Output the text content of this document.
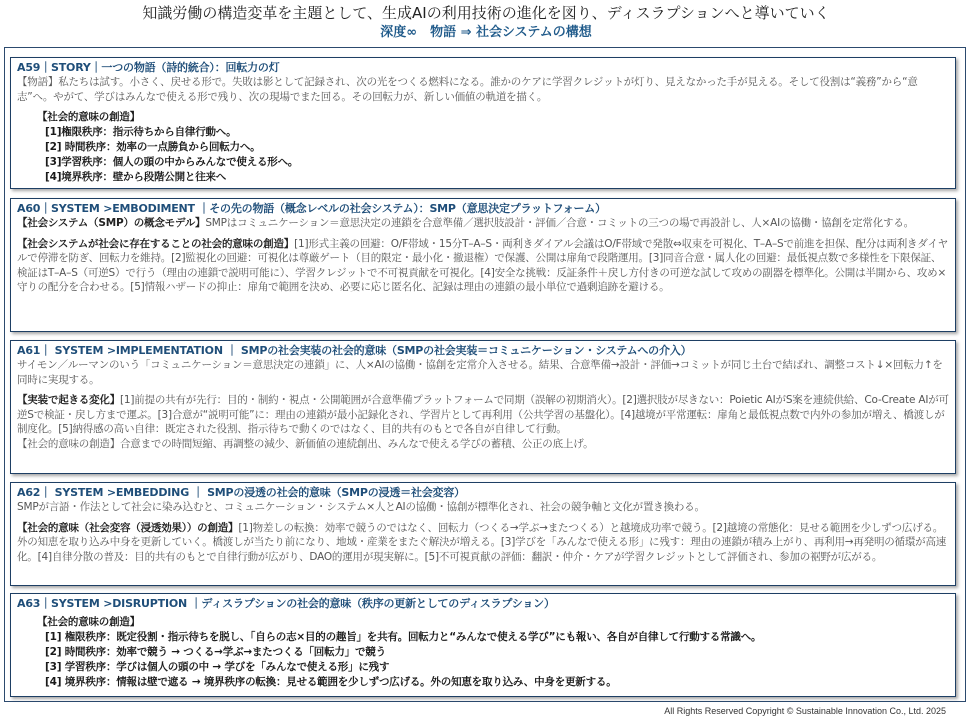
知識労働の構造変革を主題として、生成AIの利用技術の進化を図り、ディスラプションへと導いていく
深度∞　物語 ⇒ 社会システムの構想
A59｜STORY｜一つの物語（詩的統合）：回転力の灯
【物語】私たちは試す。小さく、戻せる形で。失敗は影として記録され、次の光をつくる燃料になる。誰かのケアに学習クレジットが灯り、見えなかった手が見える。そして役割は“義務”から“意志”へ。やがて、学びはみんなで使える形で残り、次の現場でまた回る。その回転力が、新しい価値の軌道を描く。
【社会的意味の創造】
[1]権限秩序：指示待ちから自律行動へ。
[2] 時間秩序：効率の一点勝負から回転力へ。
[3]学習秩序：個人の頭の中からみんなで使える形へ。
[4]境界秩序：壁から段階公開と往来へ
A60｜SYSTEM >EMBODIMENT ｜その先の物語（概念レベルの社会システム）：SMP（意思決定プラットフォーム）
【社会システム（SMP）の概念モデル】SMPはコミュニケーション＝意思決定の連鎖を合意準備／選択肢設計・評価／合意・コミットの三つの場で再設計し、人×AIの協働・協創を定常化する。
【社会システムが社会に存在することの社会的意味の創造】[1]形式主義の回避：O/F帯域・15分T–A–S・両利きダイアル会議はO/F帯域で発散⇔収束を可視化、T–A–Sで前進を担保、配分は両利きダイヤルで停滞を防ぎ、回転力を維持。[2]監視化の回避：可視化は尊厳ゲート（目的限定・最小化・撤退権）で保護、公開は扉角で段階運用。[3]同音合意・属人化の回避：最低視点数で多様性を下限保証、検証はT–A–S（可逆S）で行う（理由の連鎖で説明可能に）、学習クレジットで不可視貢献を可視化。[4]安全な挑戦：反証条件＋戻し方付きの可逆な試して攻めの副器を標準化。公開は半開から、攻め×守りの配分を合わせる。[5]情報ハザードの抑止：扉角で範囲を決め、必要に応じ匿名化、記録は理由の連鎖の最小単位で過剰追跡を避ける。
A61｜ SYSTEM >IMPLEMENTATION ｜ SMPの社会実装の社会的意味（SMPの社会実装＝コミュニケーション・システムへの介入）
サイモン／ルーマンのいう「コミュニケーション＝意思決定の連鎖」に、人×AIの協働・協創を定常介入させる。結果、合意準備→設計・評価→コミットが同じ土台で結ばれ、調整コスト↓×回転力↑を同時に実現する。
【実装で起きる変化】[1]前提の共有が先行：目的・制約・視点・公開範囲が合意準備プラットフォームで同期（誤解の初期消火）。[2]選択肢が尽きない：Poietic AIがS案を連続供給、Co-Create AIが可逆Sで検証・戻し方まで運ぶ。[3]合意が“説明可能”に：理由の連鎖が最小記録化され、学習片として再利用（公共学習の基盤化）。[4]越境が平常運転：扉角と最低視点数で内外の参加が増え、橋渡しが制度化。[5]納得感の高い自律：既定された役割、指示待ちで動くのではなく、目的共有のもとで各自が自律して行動。
【社会的意味の創造】合意までの時間短縮、再調整の減少、新価値の連続創出、みんなで使える学びの蓄積、公正の底上げ。
A62｜ SYSTEM >EMBEDDING ｜ SMPの浸透の社会的意味（SMPの浸透＝社会変容）
SMPが言語・作法として社会に染み込むと、コミュニケーション・システム×人とAIの協働・協創が標準化され、社会の競争軸と文化が置き換わる。
【社会的意味（社会変容（浸透効果））の創造】[1]物差しの転換：効率で競うのではなく、回転力（つくる→学ぶ→またつくる）と越境成功率で競う。[2]越境の常態化：見せる範囲を少しずつ広げる。外の知恵を取り込み中身を更新していく。橋渡しが当たり前になり、地域・産業をまたぐ解決が増える。[3]学びを「みんなで使える形」に残す：理由の連鎖が積み上がり、再利用→再発明の循環が高速化。[4]自律分散の普及：目的共有のもとで自律行動が広がり、DAO的運用が現実解に。[5]不可視貢献の評価：翻訳・仲介・ケアが学習クレジットとして評価され、参加の裾野が広がる。
A63｜SYSTEM >DISRUPTION ｜ディスラプションの社会的意味（秩序の更新としてのディスラプション）
【社会的意味の創造】
[1] 権限秩序：既定役割・指示待ちを脱し、「自らの志×目的の趣旨」を共有。回転力と“みんなで使える学び”にも報い、各自が自律して行動する常識へ。
[2] 時間秩序：効率で競う → つくる→学ぶ→またつくる「回転力」で競う
[3] 学習秩序：学びは個人の頭の中 → 学びを「みんなで使える形」に残す
[4] 境界秩序：情報は壁で遮る → 境界秩序の転換：見せる範囲を少しずつ広げる。外の知恵を取り込み、中身を更新する。
All Rights Reserved Copyright © Sustainable Innovation Co., Ltd. 2025
